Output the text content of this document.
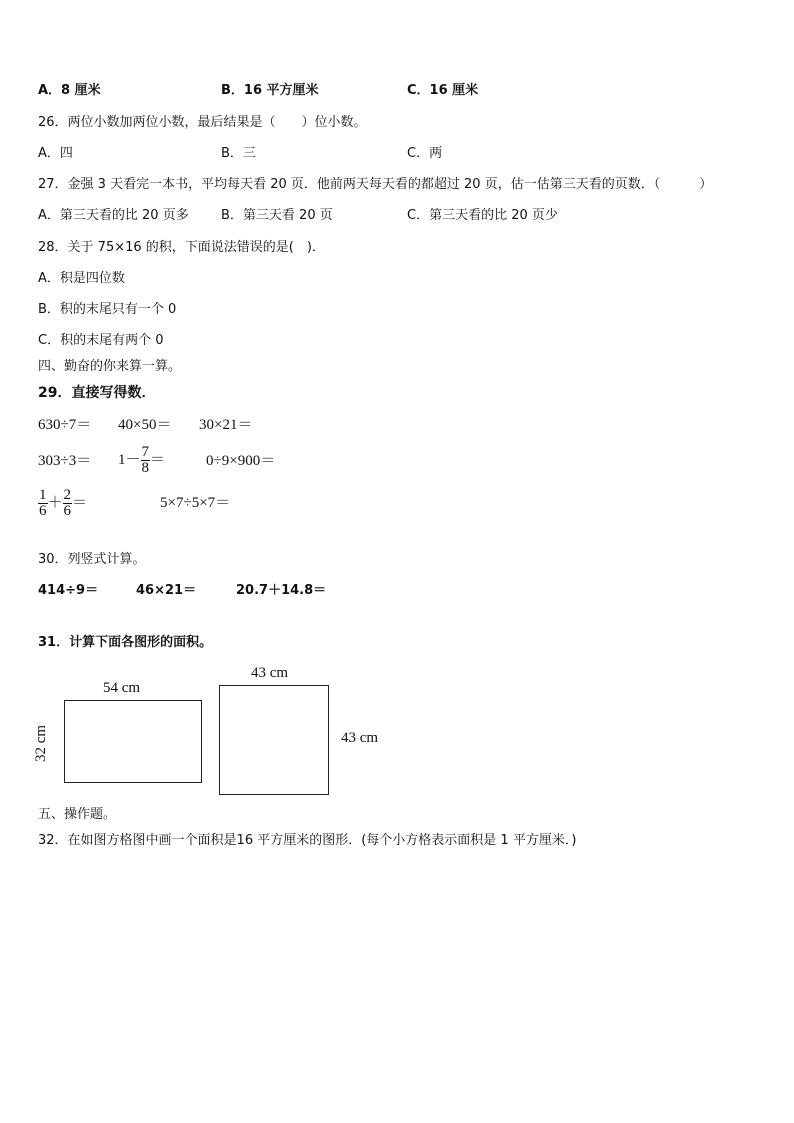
A．8 厘米	B．16 平方厘米	C．16 厘米
26．两位小数加两位小数，最后结果是（　　）位小数。
A．四	B．三	C．两
27．金强 3 天看完一本书，平均每天看 20 页．他前两天每天看的都超过 20 页，估一估第三天看的页数．（　　　）
A．第三天看的比 20 页多 B．第三天看 20 页	C．第三天看的比 20 页少
28．关于 75×16 的积，下面说法错误的是(　)．
A．积是四位数
B．积的末尾只有一个 0
C．积的末尾有两个 0
四、勤奋的你来算一算。
29．直接写得数．
630÷7＝ 40×50＝ 30×21＝
$303\div 3= 1- \frac{7}{8}$ ＝	0÷9×900＝
$\frac{1}{6} + \frac{2}{6}$ ＝	5×7÷5×7＝
30．列竖式计算。
414÷9＝	46×21＝	20.7＋14.8＝
31．计算下面各图形的面积。
54 cm
32 cm
43 cm
43 cm
五、操作题。
32．在如图方格图中画一个面积是16 平方厘米的图形．(每个小方格表示面积是 1 平方厘米．)
